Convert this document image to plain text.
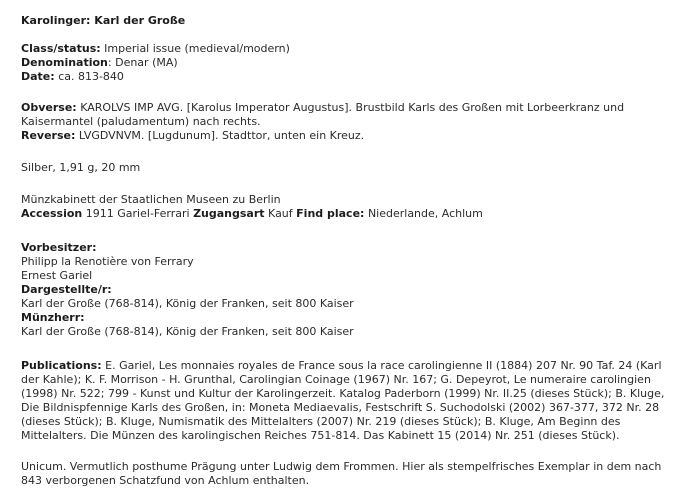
Karolinger: Karl der Große
Class/status: Imperial issue (medieval/modern)
Denomination: Denar (MA)
Date: ca. 813-840
Obverse: KAROLVS IMP AVG. [Karolus Imperator Augustus]. Brustbild Karls des Großen mit Lorbeerkranz und Kaisermantel (paludamentum) nach rechts.
Reverse: LVGDVNVM. [Lugdunum]. Stadttor, unten ein Kreuz.
Silber, 1,91 g, 20 mm
Münzkabinett der Staatlichen Museen zu Berlin
Accession 1911 Gariel-Ferrari Zugangsart Kauf Find place: Niederlande, Achlum
Vorbesitzer:
Philipp la Renotière von Ferrary
Ernest Gariel
Dargestellte/r:
Karl der Große (768-814), König der Franken, seit 800 Kaiser
Münzherr:
Karl der Große (768-814), König der Franken, seit 800 Kaiser
Publications: E. Gariel, Les monnaies royales de France sous la race carolingienne II (1884) 207 Nr. 90 Taf. 24 (Karl der Kahle); K. F. Morrison - H. Grunthal, Carolingian Coinage (1967) Nr. 167; G. Depeyrot, Le numeraire carolingien (1998) Nr. 522; 799 - Kunst und Kultur der Karolingerzeit. Katalog Paderborn (1999) Nr. II.25 (dieses Stück); B. Kluge, Die Bildnispfennige Karls des Großen, in: Moneta Mediaevalis, Festschrift S. Suchodolski (2002) 367-377, 372 Nr. 28 (dieses Stück); B. Kluge, Numismatik des Mittelalters (2007) Nr. 219 (dieses Stück); B. Kluge, Am Beginn des Mittelalters. Die Münzen des karolingischen Reiches 751-814. Das Kabinett 15 (2014) Nr. 251 (dieses Stück).
Unicum. Vermutlich posthume Prägung unter Ludwig dem Frommen. Hier als stempelfrisches Exemplar in dem nach 843 verborgenen Schatzfund von Achlum enthalten.
